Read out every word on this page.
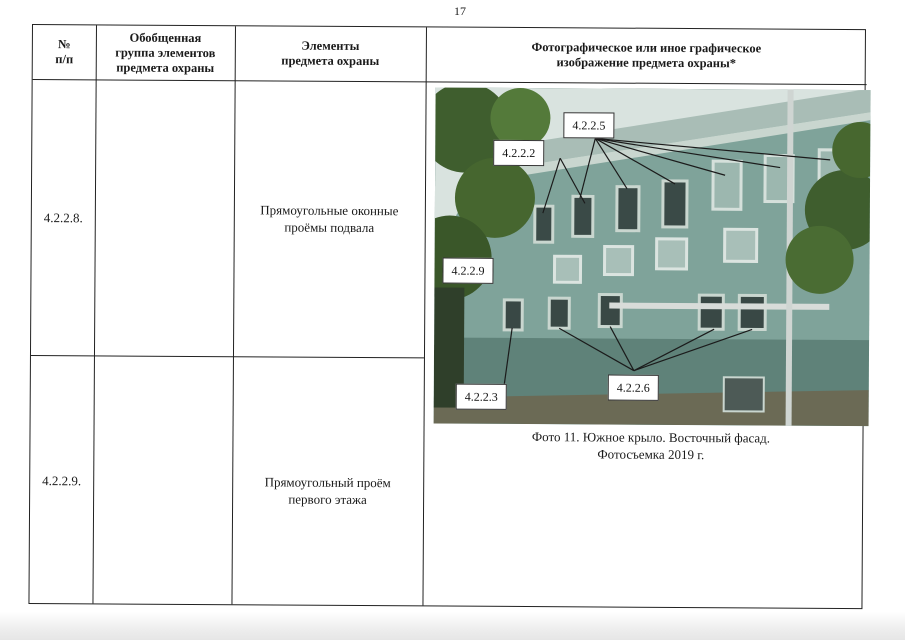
17
№
п/п
Обобщенная
группа элементов
предмета охраны
Элементы
предмета охраны
Фотографическое или иное графическое
изображение предмета охраны*
4.2.2.8.	Прямоугольные оконные
проёмы подвала
4.2.2.9.	Прямоугольный проём
первого этажа
4.2.2.5
4.2.2.2
4.2.2.9
4.2.2.3
4.2.2.6
Фото 11. Южное крыло. Восточный фасад.
Фотосъемка 2019 г.
